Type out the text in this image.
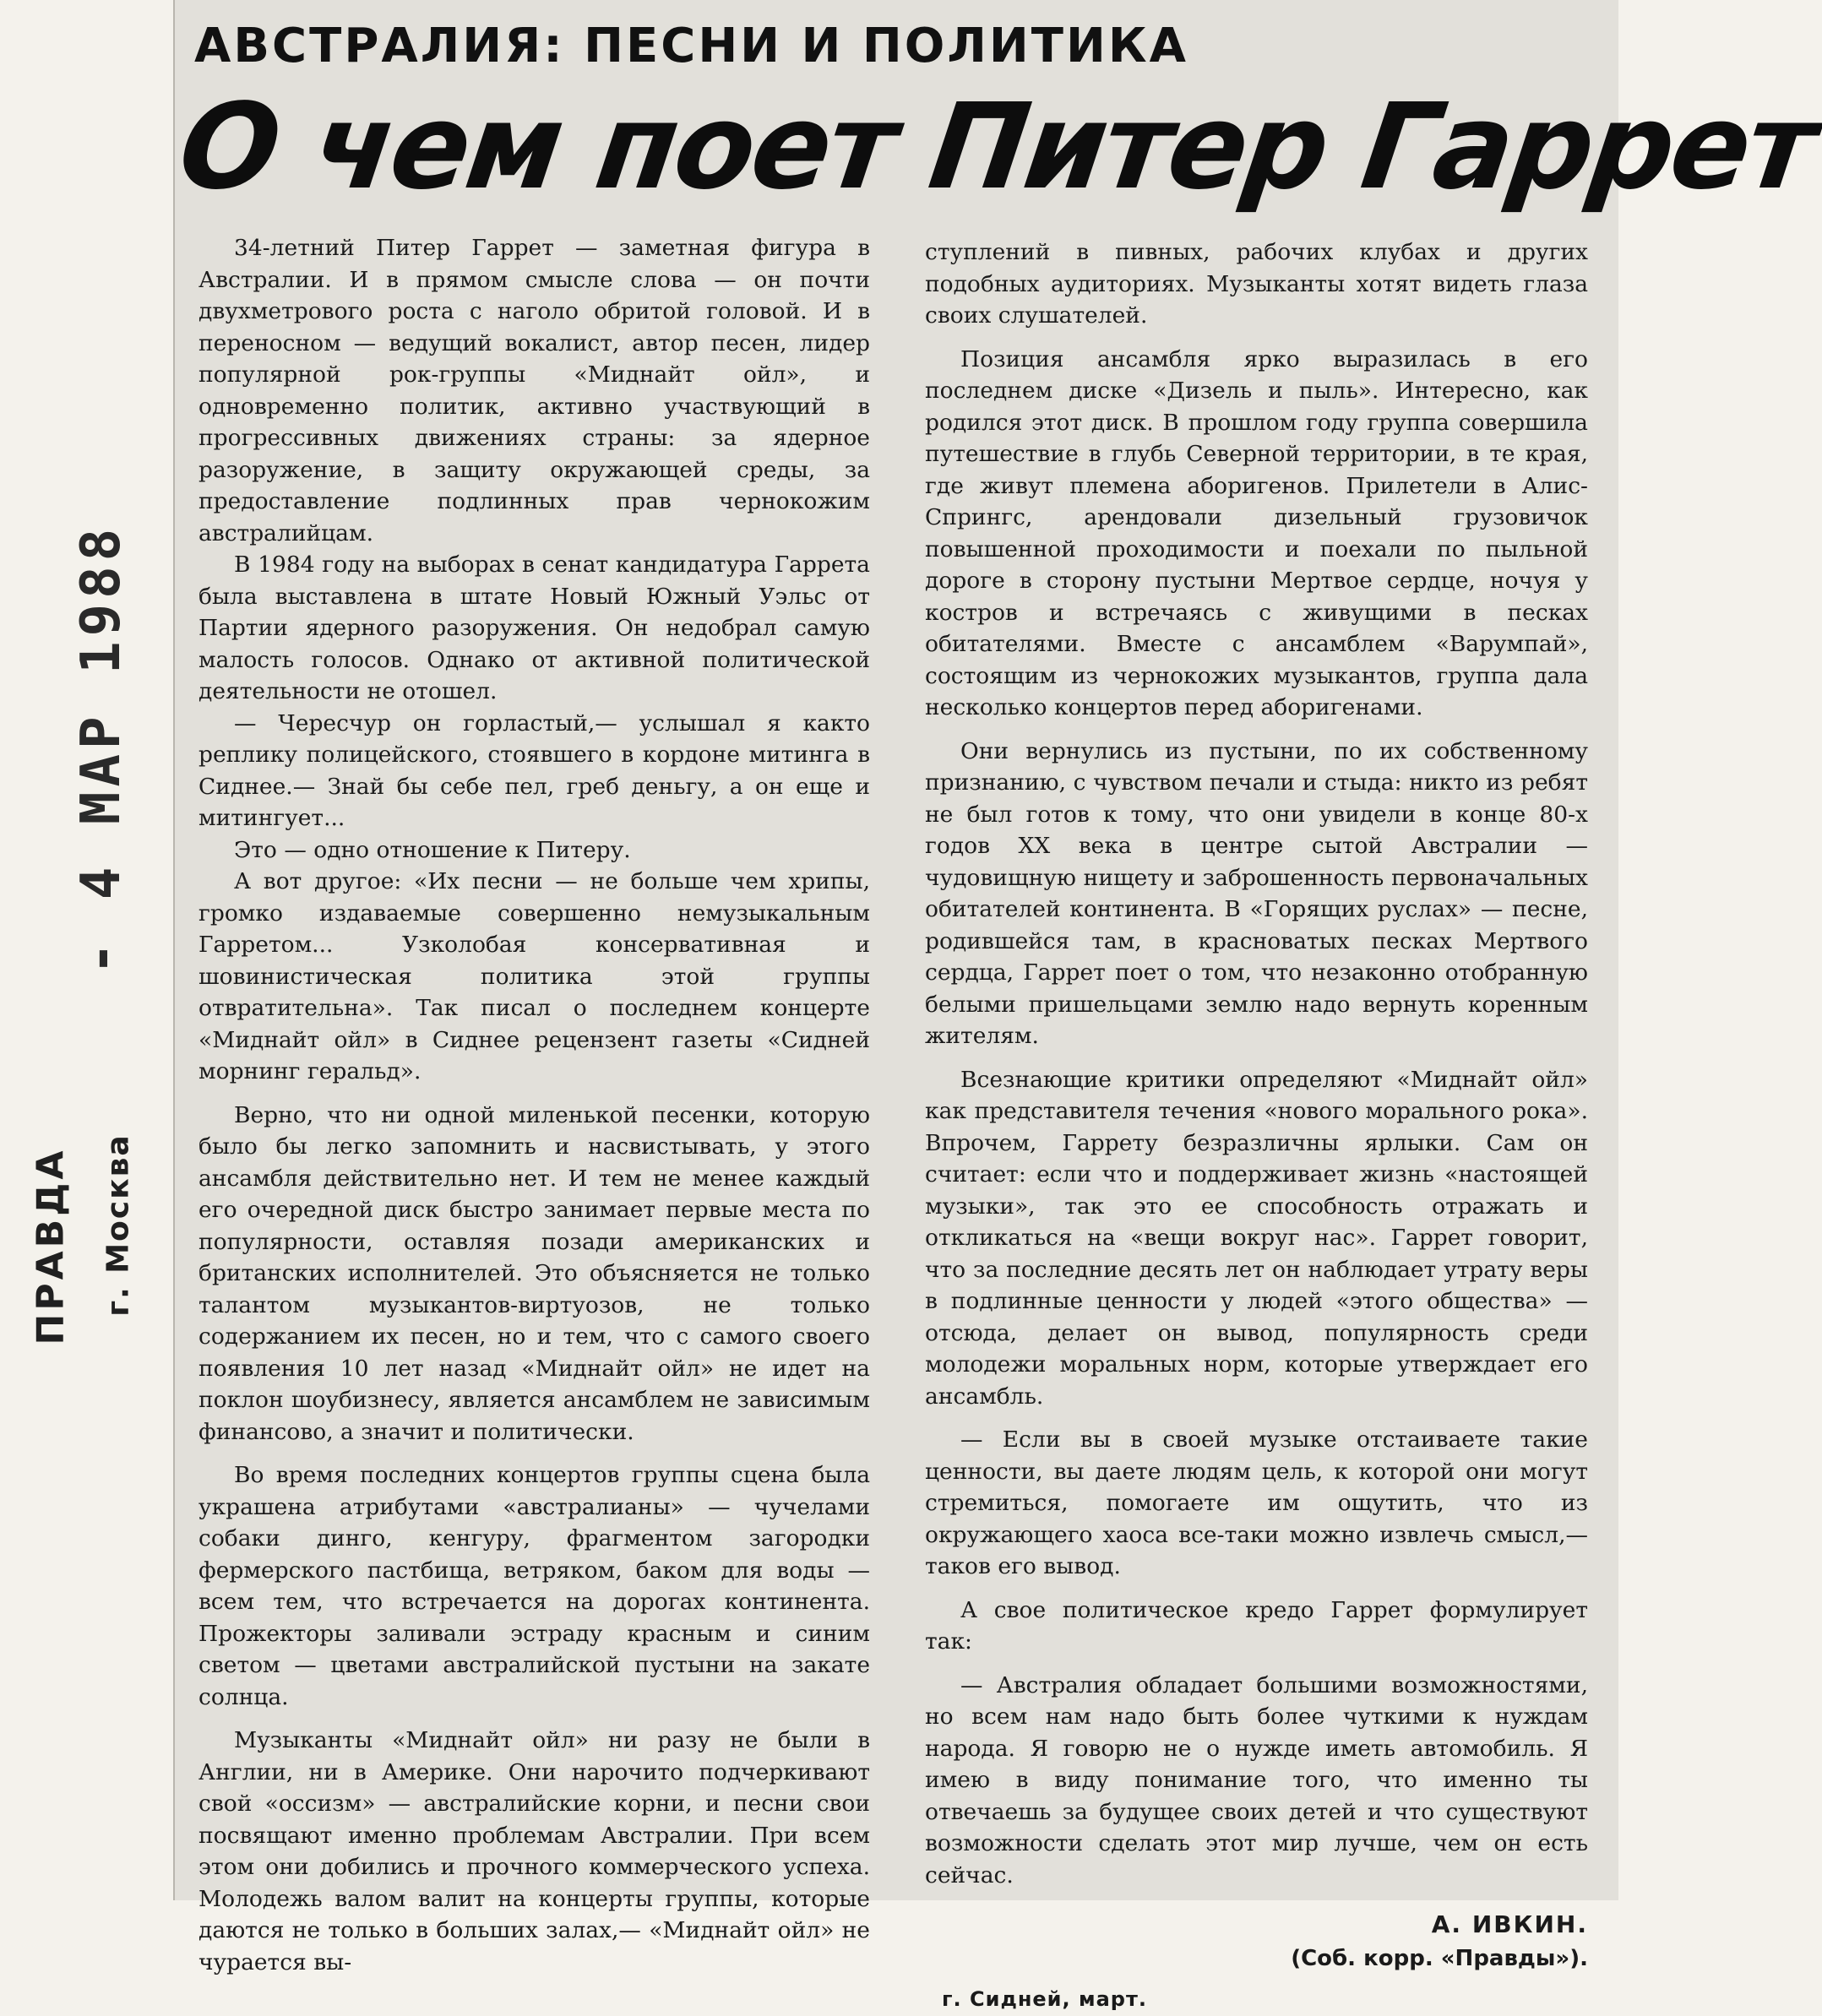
ПРАВДА г. Москва
- 4 МАР 1988
АВСТРАЛИЯ: ПЕСНИ И ПОЛИТИКА
О чем поет Питер Гаррет

34-летний Питер Гаррет — заметная фигура в Австралии. И в прямом смысле слова — он почти двухметрового роста с наголо обритой головой. И в переносном — ведущий вокалист, автор песен, лидер популярной рок-группы «Миднайт ойл», и одновременно политик, активно участвующий в прогрессивных движениях страны: за ядерное разоружение, в защиту окружающей среды, за предоставление подлинных прав чернокожим австралийцам.

В 1984 году на выборах в сенат кандидатура Гаррета была выставлена в штате Новый Южный Уэльс от Партии ядерного разоружения. Он недобрал самую малость голосов. Однако от активной политической деятельности не отошел.

— Чересчур он горластый,— услышал я както реплику полицейского, стоявшего в кордоне митинга в Сиднее.— Знай бы себе пел, греб деньгу, а он еще и митингует...

Это — одно отношение к Питеру.

А вот другое: «Их песни — не больше чем хрипы, громко издаваемые совершенно немузыкальным Гарретом... Узколобая консервативная и шовинистическая политика этой группы отвратительна». Так писал о последнем концерте «Миднайт ойл» в Сиднее рецензент газеты «Сидней морнинг геральд».

Верно, что ни одной миленькой песенки, которую было бы легко запомнить и насвистывать, у этого ансамбля действительно нет. И тем не менее каждый его очередной диск быстро занимает первые места по популярности, оставляя позади американских и британских исполнителей. Это объясняется не только талантом музыкантов-виртуозов, не только содержанием их песен, но и тем, что с самого своего появления 10 лет назад «Миднайт ойл» не идет на поклон шоубизнесу, является ансамблем не зависимым финансово, а значит и политически.

Во время последних концертов группы сцена была украшена атрибутами «австралианы» — чучелами собаки динго, кенгуру, фрагментом загородки фермерского пастбища, ветряком, баком для воды — всем тем, что встречается на дорогах континента. Прожекторы заливали эстраду красным и синим светом — цветами австралийской пустыни на закате солнца.

Музыканты «Миднайт ойл» ни разу не были в Англии, ни в Америке. Они нарочито подчеркивают свой «оссизм» — австралийские корни, и песни свои посвящают именно проблемам Австралии. При всем этом они добились и прочного коммерческого успеха. Молодежь валом валит на концерты группы, которые даются не только в больших залах,— «Миднайт ойл» не чурается вы-

ступлений в пивных, рабочих клубах и других подобных аудиториях. Музыканты хотят видеть глаза своих слушателей.

Позиция ансамбля ярко выразилась в его последнем диске «Дизель и пыль». Интересно, как родился этот диск. В прошлом году группа совершила путешествие в глубь Северной территории, в те края, где живут племена аборигенов. Прилетели в Алис-Спрингс, арендовали дизельный грузовичок повышенной проходимости и поехали по пыльной дороге в сторону пустыни Мертвое сердце, ночуя у костров и встречаясь с живущими в песках обитателями. Вместе с ансамблем «Варумпай», состоящим из чернокожих музыкантов, группа дала несколько концертов перед аборигенами.

Они вернулись из пустыни, по их собственному признанию, с чувством печали и стыда: никто из ребят не был готов к тому, что они увидели в конце 80-х годов XX века в центре сытой Австралии — чудовищную нищету и заброшенность первоначальных обитателей континента. В «Горящих руслах» — песне, родившейся там, в красноватых песках Мертвого сердца, Гаррет поет о том, что незаконно отобранную белыми пришельцами землю надо вернуть коренным жителям.

Всезнающие критики определяют «Миднайт ойл» как представителя течения «нового морального рока». Впрочем, Гаррету безразличны ярлыки. Сам он считает: если что и поддерживает жизнь «настоящей музыки», так это ее способность отражать и откликаться на «вещи вокруг нас». Гаррет говорит, что за последние десять лет он наблюдает утрату веры в подлинные ценности у людей «этого общества» — отсюда, делает он вывод, популярность среди молодежи моральных норм, которые утверждает его ансамбль.

— Если вы в своей музыке отстаиваете такие ценности, вы даете людям цель, к которой они могут стремиться, помогаете им ощутить, что из окружающего хаоса все-таки можно извлечь смысл,— таков его вывод.

А свое политическое кредо Гаррет формулирует так:

— Австралия обладает большими возможностями, но всем нам надо быть более чуткими к нуждам народа. Я говорю не о нужде иметь автомобиль. Я имею в виду понимание того, что именно ты отвечаешь за будущее своих детей и что существуют возможности сделать этот мир лучше, чем он есть сейчас.

А. ИВКИН.
(Соб. корр. «Правды»).
г. Сидней, март.
